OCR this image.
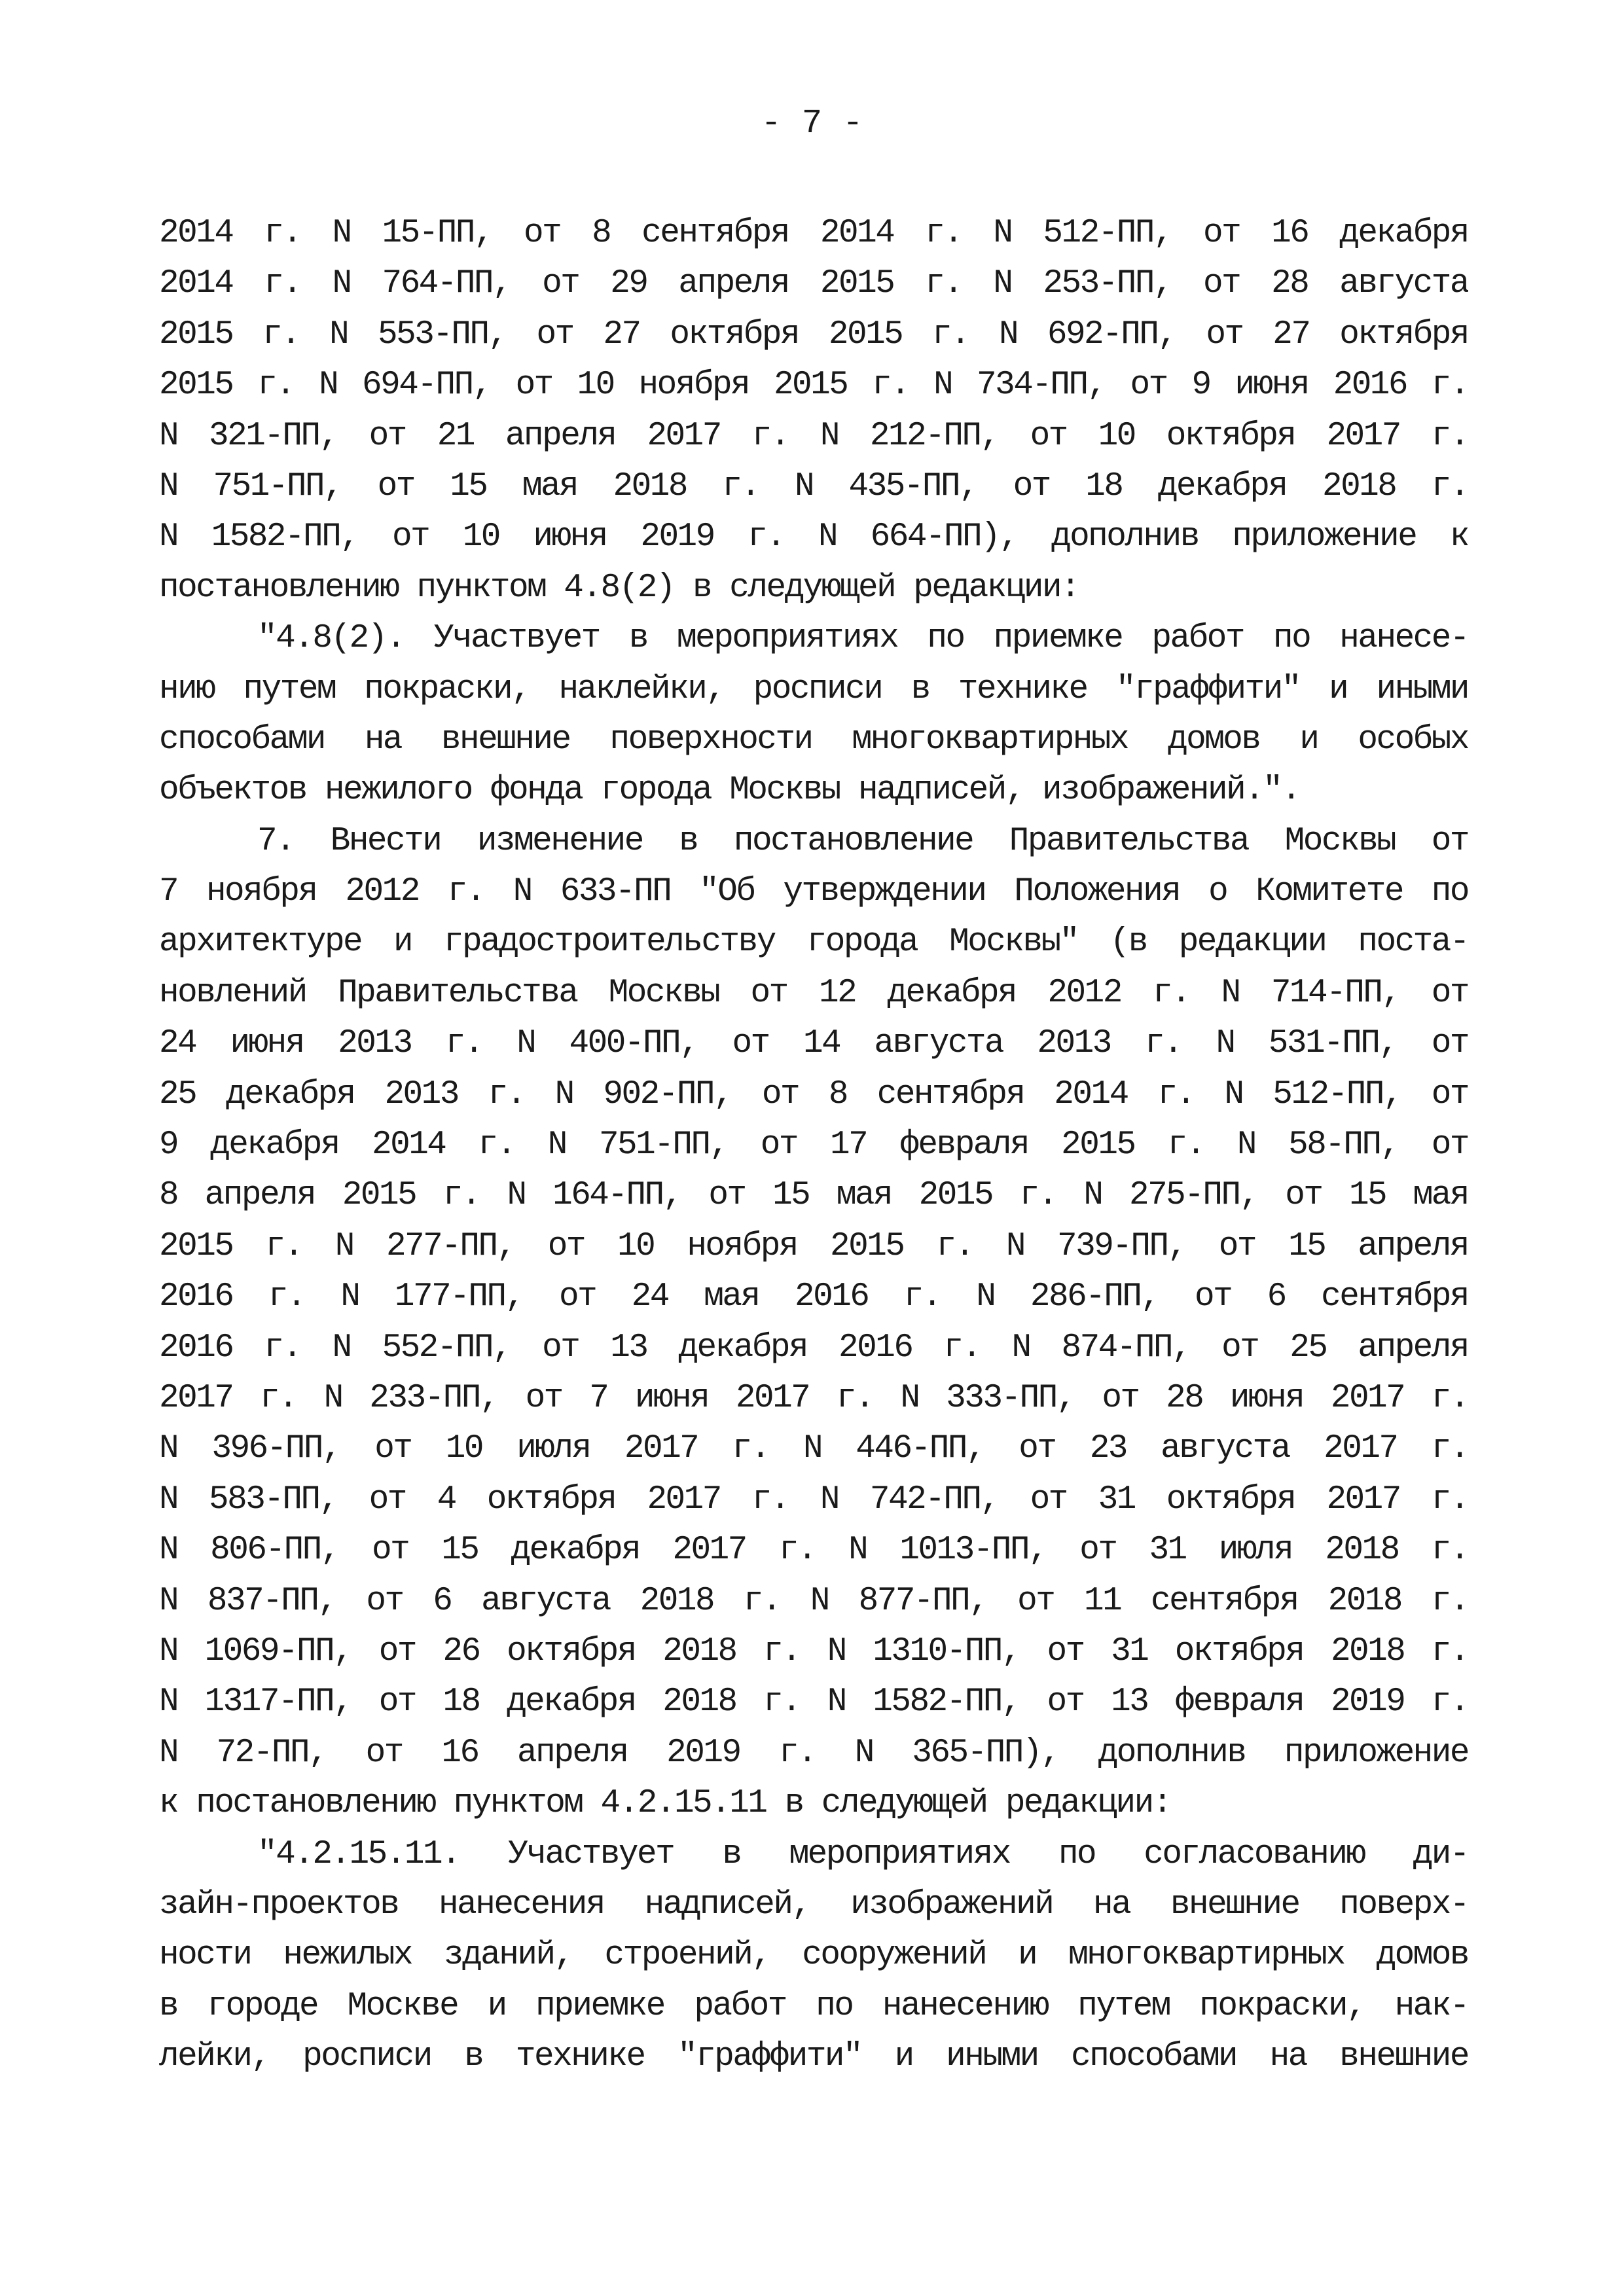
- 7 -
2014 г. N 15-ПП, от 8 сентября 2014 г. N 512-ПП, от 16 декабря
2014 г. N 764-ПП, от 29 апреля 2015 г. N 253-ПП, от 28 августа
2015 г. N 553-ПП, от 27 октября 2015 г. N 692-ПП, от 27 октября
2015 г. N 694-ПП, от 10 ноября 2015 г. N 734-ПП, от 9 июня 2016 г.
N 321-ПП, от 21 апреля 2017 г. N 212-ПП, от 10 октября 2017 г.
N 751-ПП, от 15 мая 2018 г. N 435-ПП, от 18 декабря 2018 г.
N 1582-ПП, от 10 июня 2019 г. N 664-ПП), дополнив приложение к
постановлению пунктом 4.8(2) в следующей редакции:
"4.8(2). Участвует в мероприятиях по приемке работ по нанесе-
нию путем покраски, наклейки, росписи в технике "граффити" и иными
способами на внешние поверхности многоквартирных домов и особых
объектов нежилого фонда города Москвы надписей, изображений.".
7. Внести изменение в постановление Правительства Москвы от
7 ноября 2012 г. N 633-ПП "Об утверждении Положения о Комитете по
архитектуре и градостроительству города Москвы" (в редакции поста-
новлений Правительства Москвы от 12 декабря 2012 г. N 714-ПП, от
24 июня 2013 г. N 400-ПП, от 14 августа 2013 г. N 531-ПП, от
25 декабря 2013 г. N 902-ПП, от 8 сентября 2014 г. N 512-ПП, от
9 декабря 2014 г. N 751-ПП, от 17 февраля 2015 г. N 58-ПП, от
8 апреля 2015 г. N 164-ПП, от 15 мая 2015 г. N 275-ПП, от 15 мая
2015 г. N 277-ПП, от 10 ноября 2015 г. N 739-ПП, от 15 апреля
2016 г. N 177-ПП, от 24 мая 2016 г. N 286-ПП, от 6 сентября
2016 г. N 552-ПП, от 13 декабря 2016 г. N 874-ПП, от 25 апреля
2017 г. N 233-ПП, от 7 июня 2017 г. N 333-ПП, от 28 июня 2017 г.
N 396-ПП, от 10 июля 2017 г. N 446-ПП, от 23 августа 2017 г.
N 583-ПП, от 4 октября 2017 г. N 742-ПП, от 31 октября 2017 г.
N 806-ПП, от 15 декабря 2017 г. N 1013-ПП, от 31 июля 2018 г.
N 837-ПП, от 6 августа 2018 г. N 877-ПП, от 11 сентября 2018 г.
N 1069-ПП, от 26 октября 2018 г. N 1310-ПП, от 31 октября 2018 г.
N 1317-ПП, от 18 декабря 2018 г. N 1582-ПП, от 13 февраля 2019 г.
N 72-ПП, от 16 апреля 2019 г. N 365-ПП), дополнив приложение
к постановлению пунктом 4.2.15.11 в следующей редакции:
"4.2.15.11. Участвует в мероприятиях по согласованию ди-
зайн-проектов нанесения надписей, изображений на внешние поверх-
ности нежилых зданий, строений, сооружений и многоквартирных домов
в городе Москве и приемке работ по нанесению путем покраски, нак-
лейки, росписи в технике "граффити" и иными способами на внешние
